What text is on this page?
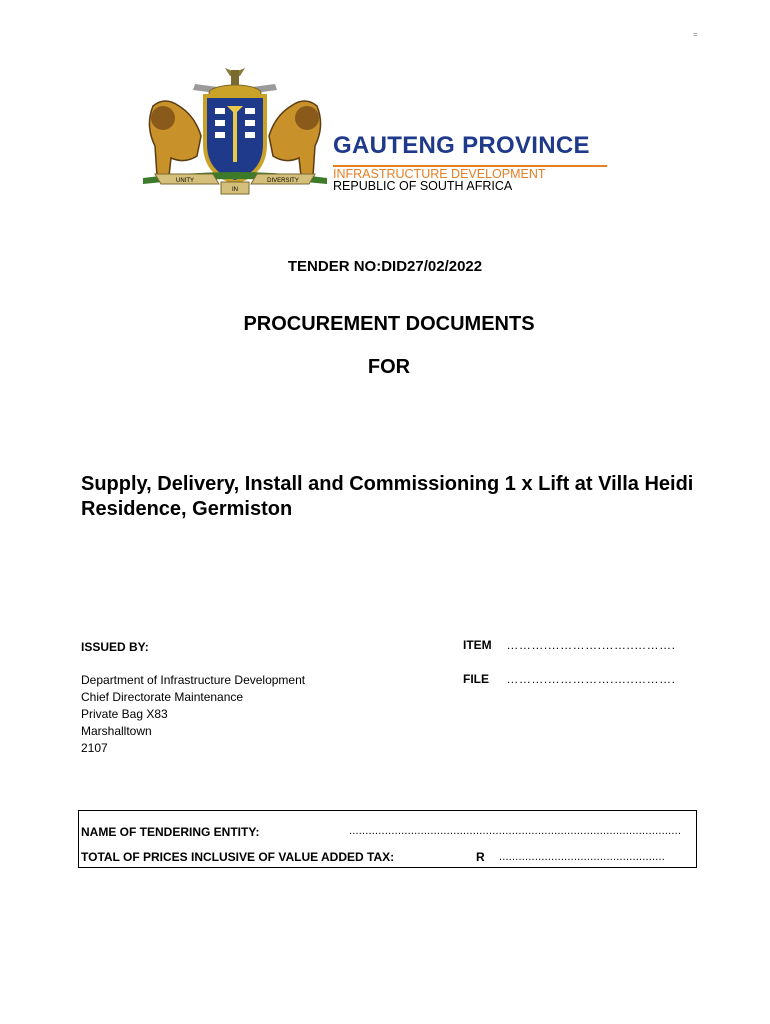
=
UNITY
IN
DIVERSITY
GAUTENG PROVINCE
INFRASTRUCTURE DEVELOPMENT
REPUBLIC OF SOUTH AFRICA
TENDER NO:DID27/02/2022
PROCUREMENT DOCUMENTS
FOR
Supply, Delivery, Install and Commissioning 1 x Lift at Villa Heidi Residence, Germiston
ISSUED BY:
Department of Infrastructure Development
Chief Directorate Maintenance
Private Bag X83
Marshalltown
2107
ITEM ……….………….……..……….
FILE ……….…………….…..……….
NAME OF TENDERING ENTITY:	......................................................................................................
TOTAL OF PRICES INCLUSIVE OF VALUE ADDED TAX:	R ...................................................
